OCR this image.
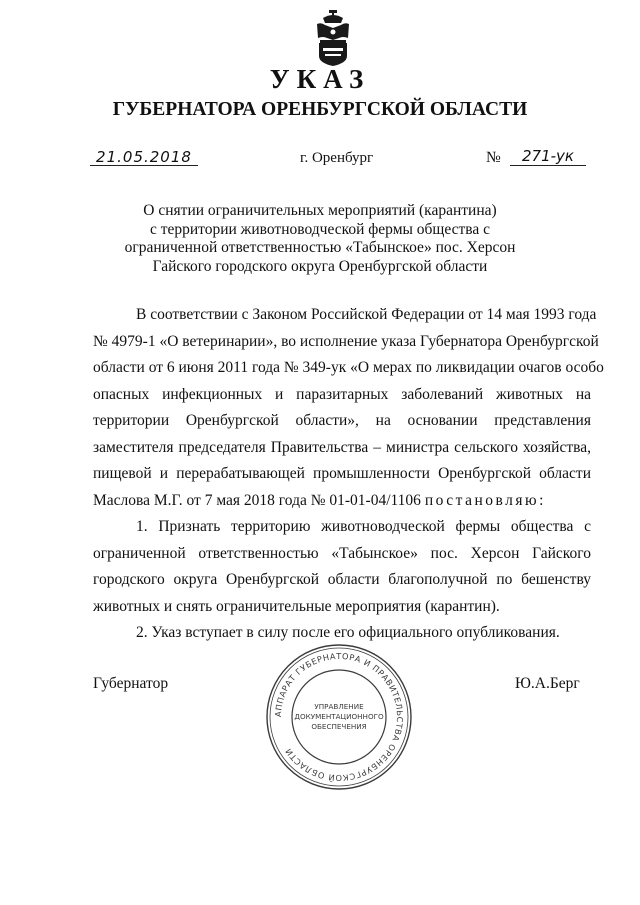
УКАЗ
ГУБЕРНАТОРА ОРЕНБУРГСКОЙ ОБЛАСТИ
21.05.2018	г. Оренбург	№	271-ук
О снятии ограничительных мероприятий (карантина)
с территории животноводческой фермы общества с
ограниченной ответственностью «Табынское» пос. Херсон
Гайского городского округа Оренбургской области
В соответствии с Законом Российской Федерации от 14 мая 1993 года
№ 4979-1 «О ветеринарии», во исполнение указа Губернатора Оренбургской
области от 6 июня 2011 года № 349-ук «О мерах по ликвидации очагов особо
опасных инфекционных и паразитарных заболеваний животных на
территории Оренбургской области», на основании представления
заместителя председателя Правительства – министра сельского хозяйства,
пищевой и перерабатывающей промышленности Оренбургской области
Маслова М.Г. от 7 мая 2018 года № 01-01-04/1106 постановляю:
1. Признать территорию животноводческой фермы общества с
ограниченной ответственностью «Табынское» пос. Херсон Гайского
городского округа Оренбургской области благополучной по бешенству
животных и снять ограничительные мероприятия (карантин).
2. Указ вступает в силу после его официального опубликования.
Губернатор	Ю.А.Берг
АППАРАТ ГУБЕРНАТОРА И ПРАВИТЕЛЬСТВА ОРЕНБУРГСКОЙ ОБЛАСТИ
УПРАВЛЕНИЕ
ДОКУМЕНТАЦИОННОГО
ОБЕСПЕЧЕНИЯ
